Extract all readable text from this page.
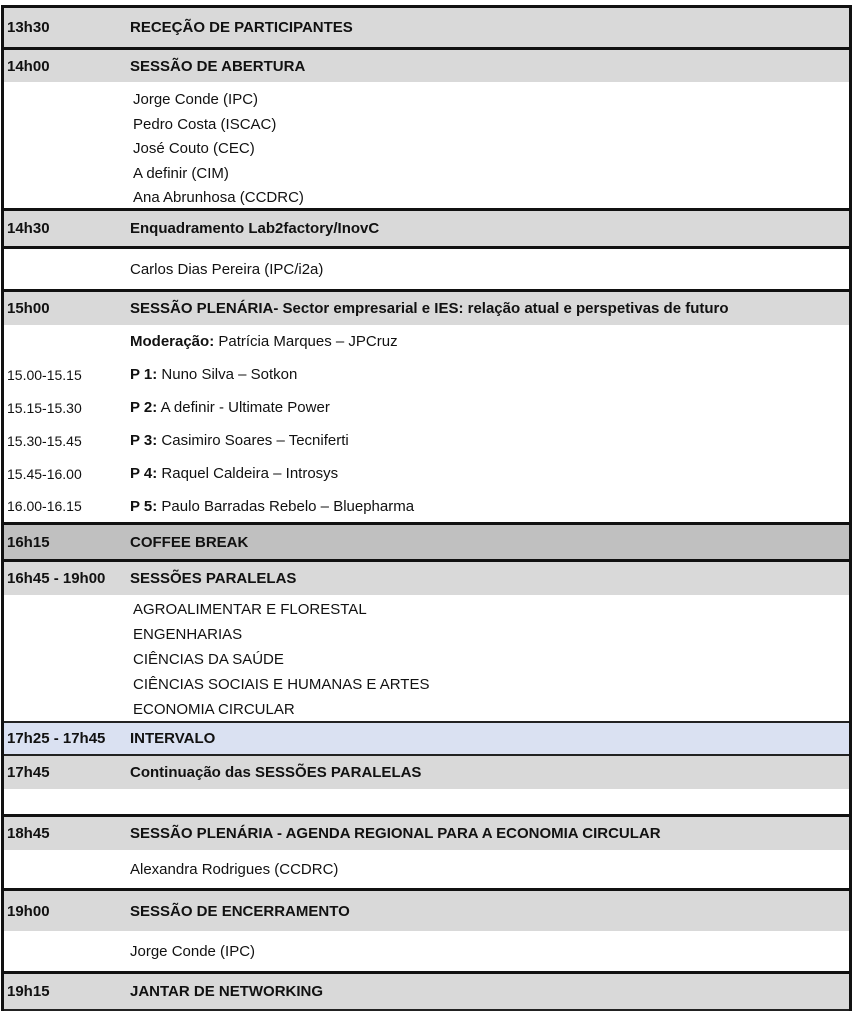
13h30	RECEÇÃO DE PARTICIPANTES
14h00	SESSÃO DE ABERTURA
Jorge Conde (IPC)
Pedro Costa (ISCAC)
José Couto (CEC)
A definir (CIM)
Ana Abrunhosa (CCDRC)
14h30	Enquadramento Lab2factory/InovC
Carlos Dias Pereira (IPC/i2a)
15h00	SESSÃO PLENÁRIA- Sector empresarial e IES: relação atual e perspetivas de futuro
Moderação: Patrícia Marques – JPCruz
15.00-15.15	P 1: Nuno Silva – Sotkon
15.15-15.30	P 2: A definir - Ultimate Power
15.30-15.45	P 3: Casimiro Soares – Tecniferti
15.45-16.00	P 4: Raquel Caldeira – Introsys
16.00-16.15	P 5: Paulo Barradas Rebelo – Bluepharma
16h15	COFFEE BREAK
16h45 - 19h00	SESSÕES PARALELAS
AGROALIMENTAR E FLORESTAL
ENGENHARIAS
CIÊNCIAS DA SAÚDE
CIÊNCIAS SOCIAIS E HUMANAS E ARTES
ECONOMIA CIRCULAR
17h25 - 17h45	INTERVALO
17h45	Continuação das SESSÕES PARALELAS
18h45	SESSÃO PLENÁRIA - AGENDA REGIONAL PARA A ECONOMIA CIRCULAR
Alexandra Rodrigues (CCDRC)
19h00	SESSÃO DE ENCERRAMENTO
Jorge Conde (IPC)
19h15	JANTAR DE NETWORKING
